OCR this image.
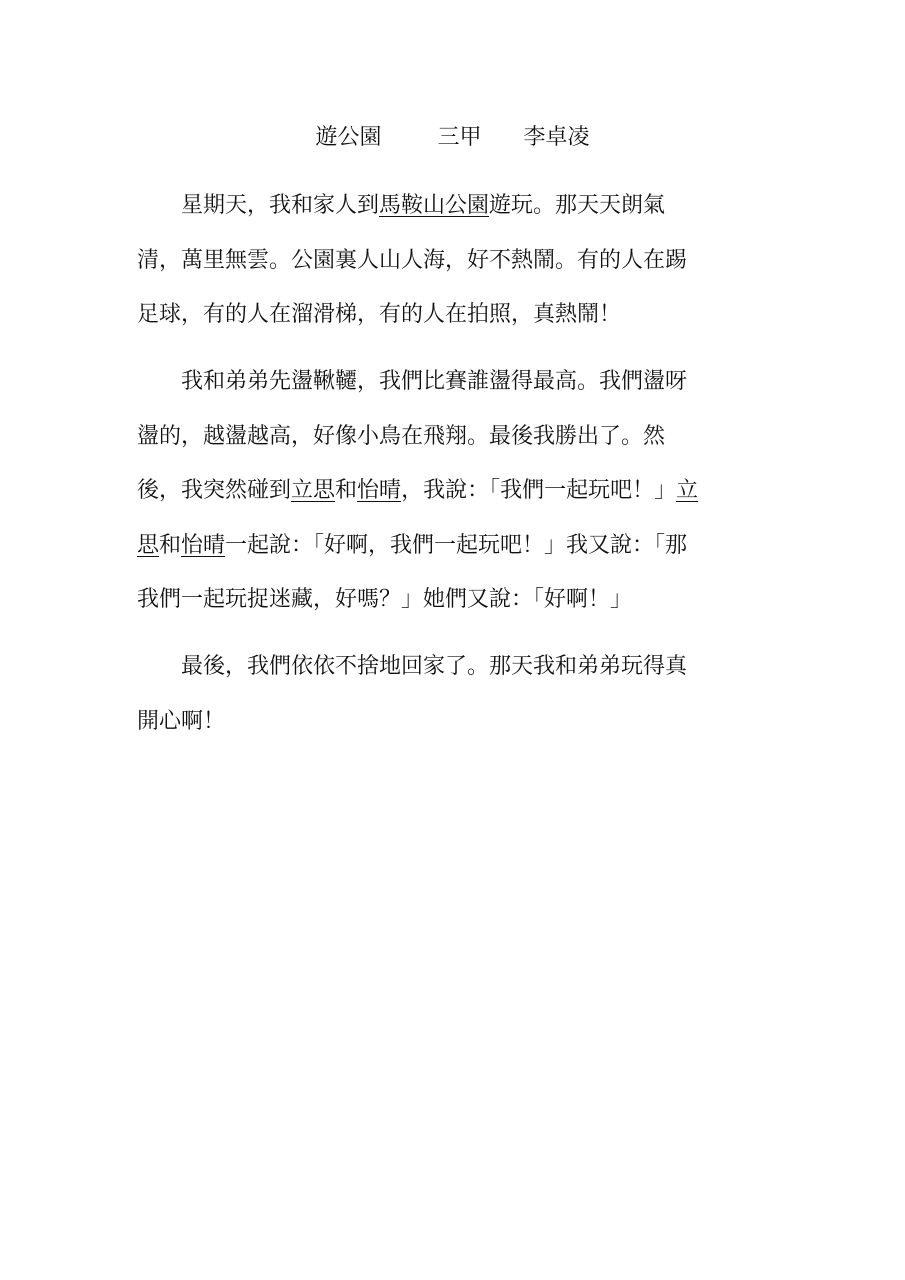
遊公園	三甲 李卓凌
　　星期天，我和家人到馬鞍山公園遊玩。那天天朗氣
清，萬里無雲。公園裏人山人海，好不熱鬧。有的人在踢
足球，有的人在溜滑梯，有的人在拍照，真熱鬧！
　　我和弟弟先盪鞦韆，我們比賽誰盪得最高。我們盪呀
盪的，越盪越高，好像小鳥在飛翔。最後我勝出了。然
後，我突然碰到立思和怡晴，我說：「我們一起玩吧！」立
思和怡晴一起說：「好啊，我們一起玩吧！」我又說：「那
我們一起玩捉迷藏，好嗎？」她們又說：「好啊！」
　　最後，我們依依不捨地回家了。那天我和弟弟玩得真
開心啊！
